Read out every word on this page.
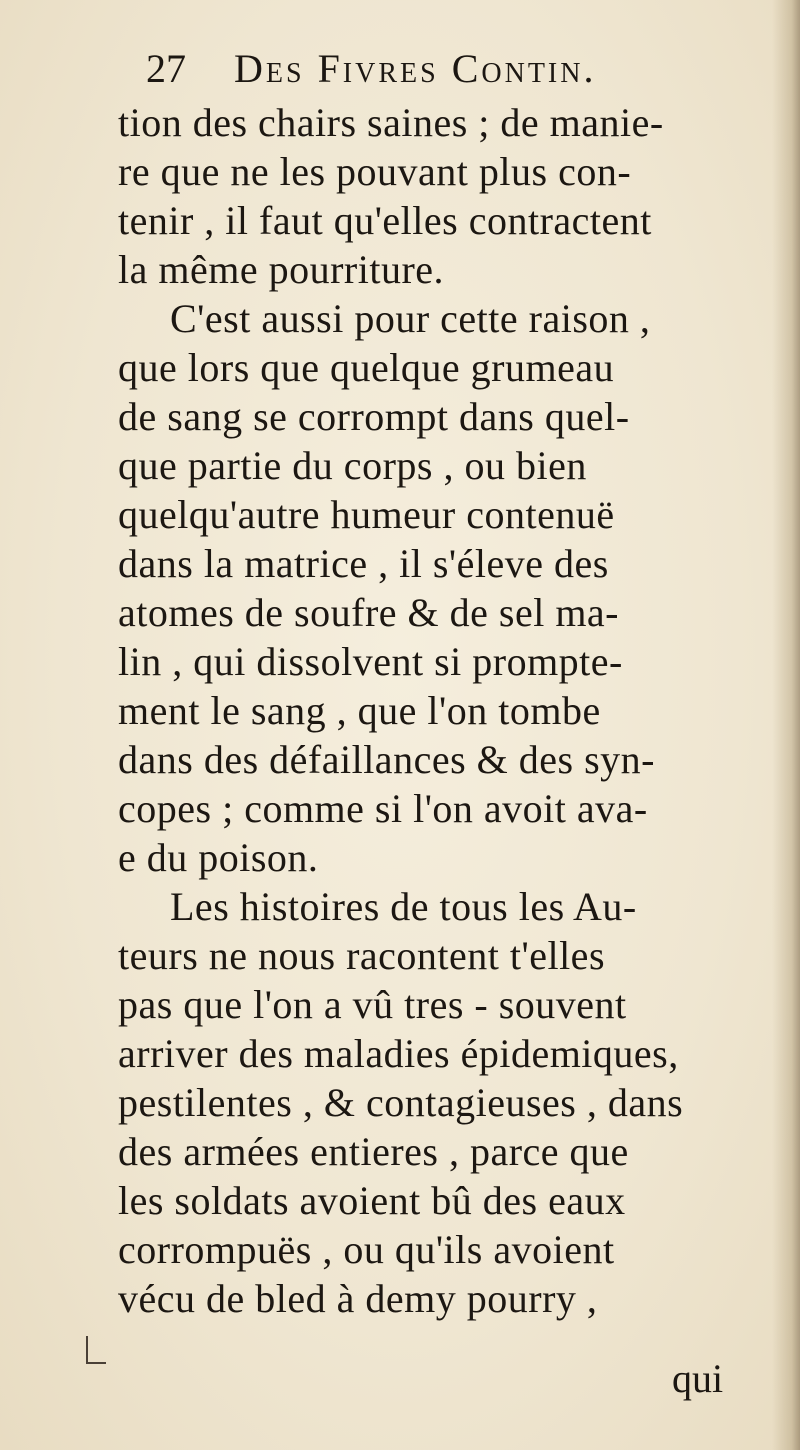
27 Des Fivres Contin.
tion des chairs saines ; de manie-
re que ne les pouvant plus con-
tenir , il faut qu'elles contractent
la même pourriture.
C'est aussi pour cette raison ,
que lors que quelque grumeau
de sang se corrompt dans quel-
que partie du corps , ou bien
quelqu'autre humeur contenuë
dans la matrice , il s'éleve des
atomes de soufre & de sel ma-
lin , qui dissolvent si prompte-
ment le sang , que l'on tombe
dans des défaillances & des syn-
copes ; comme si l'on avoit ava-
e du poison.
Les histoires de tous les Au-
teurs ne nous racontent t'elles
pas que l'on a vû tres - souvent
arriver des maladies épidemiques,
pestilentes , & contagieuses , dans
des armées entieres , parce que
les soldats avoient bû des eaux
corrompuës , ou qu'ils avoient
vécu de bled à demy pourry ,
qui
